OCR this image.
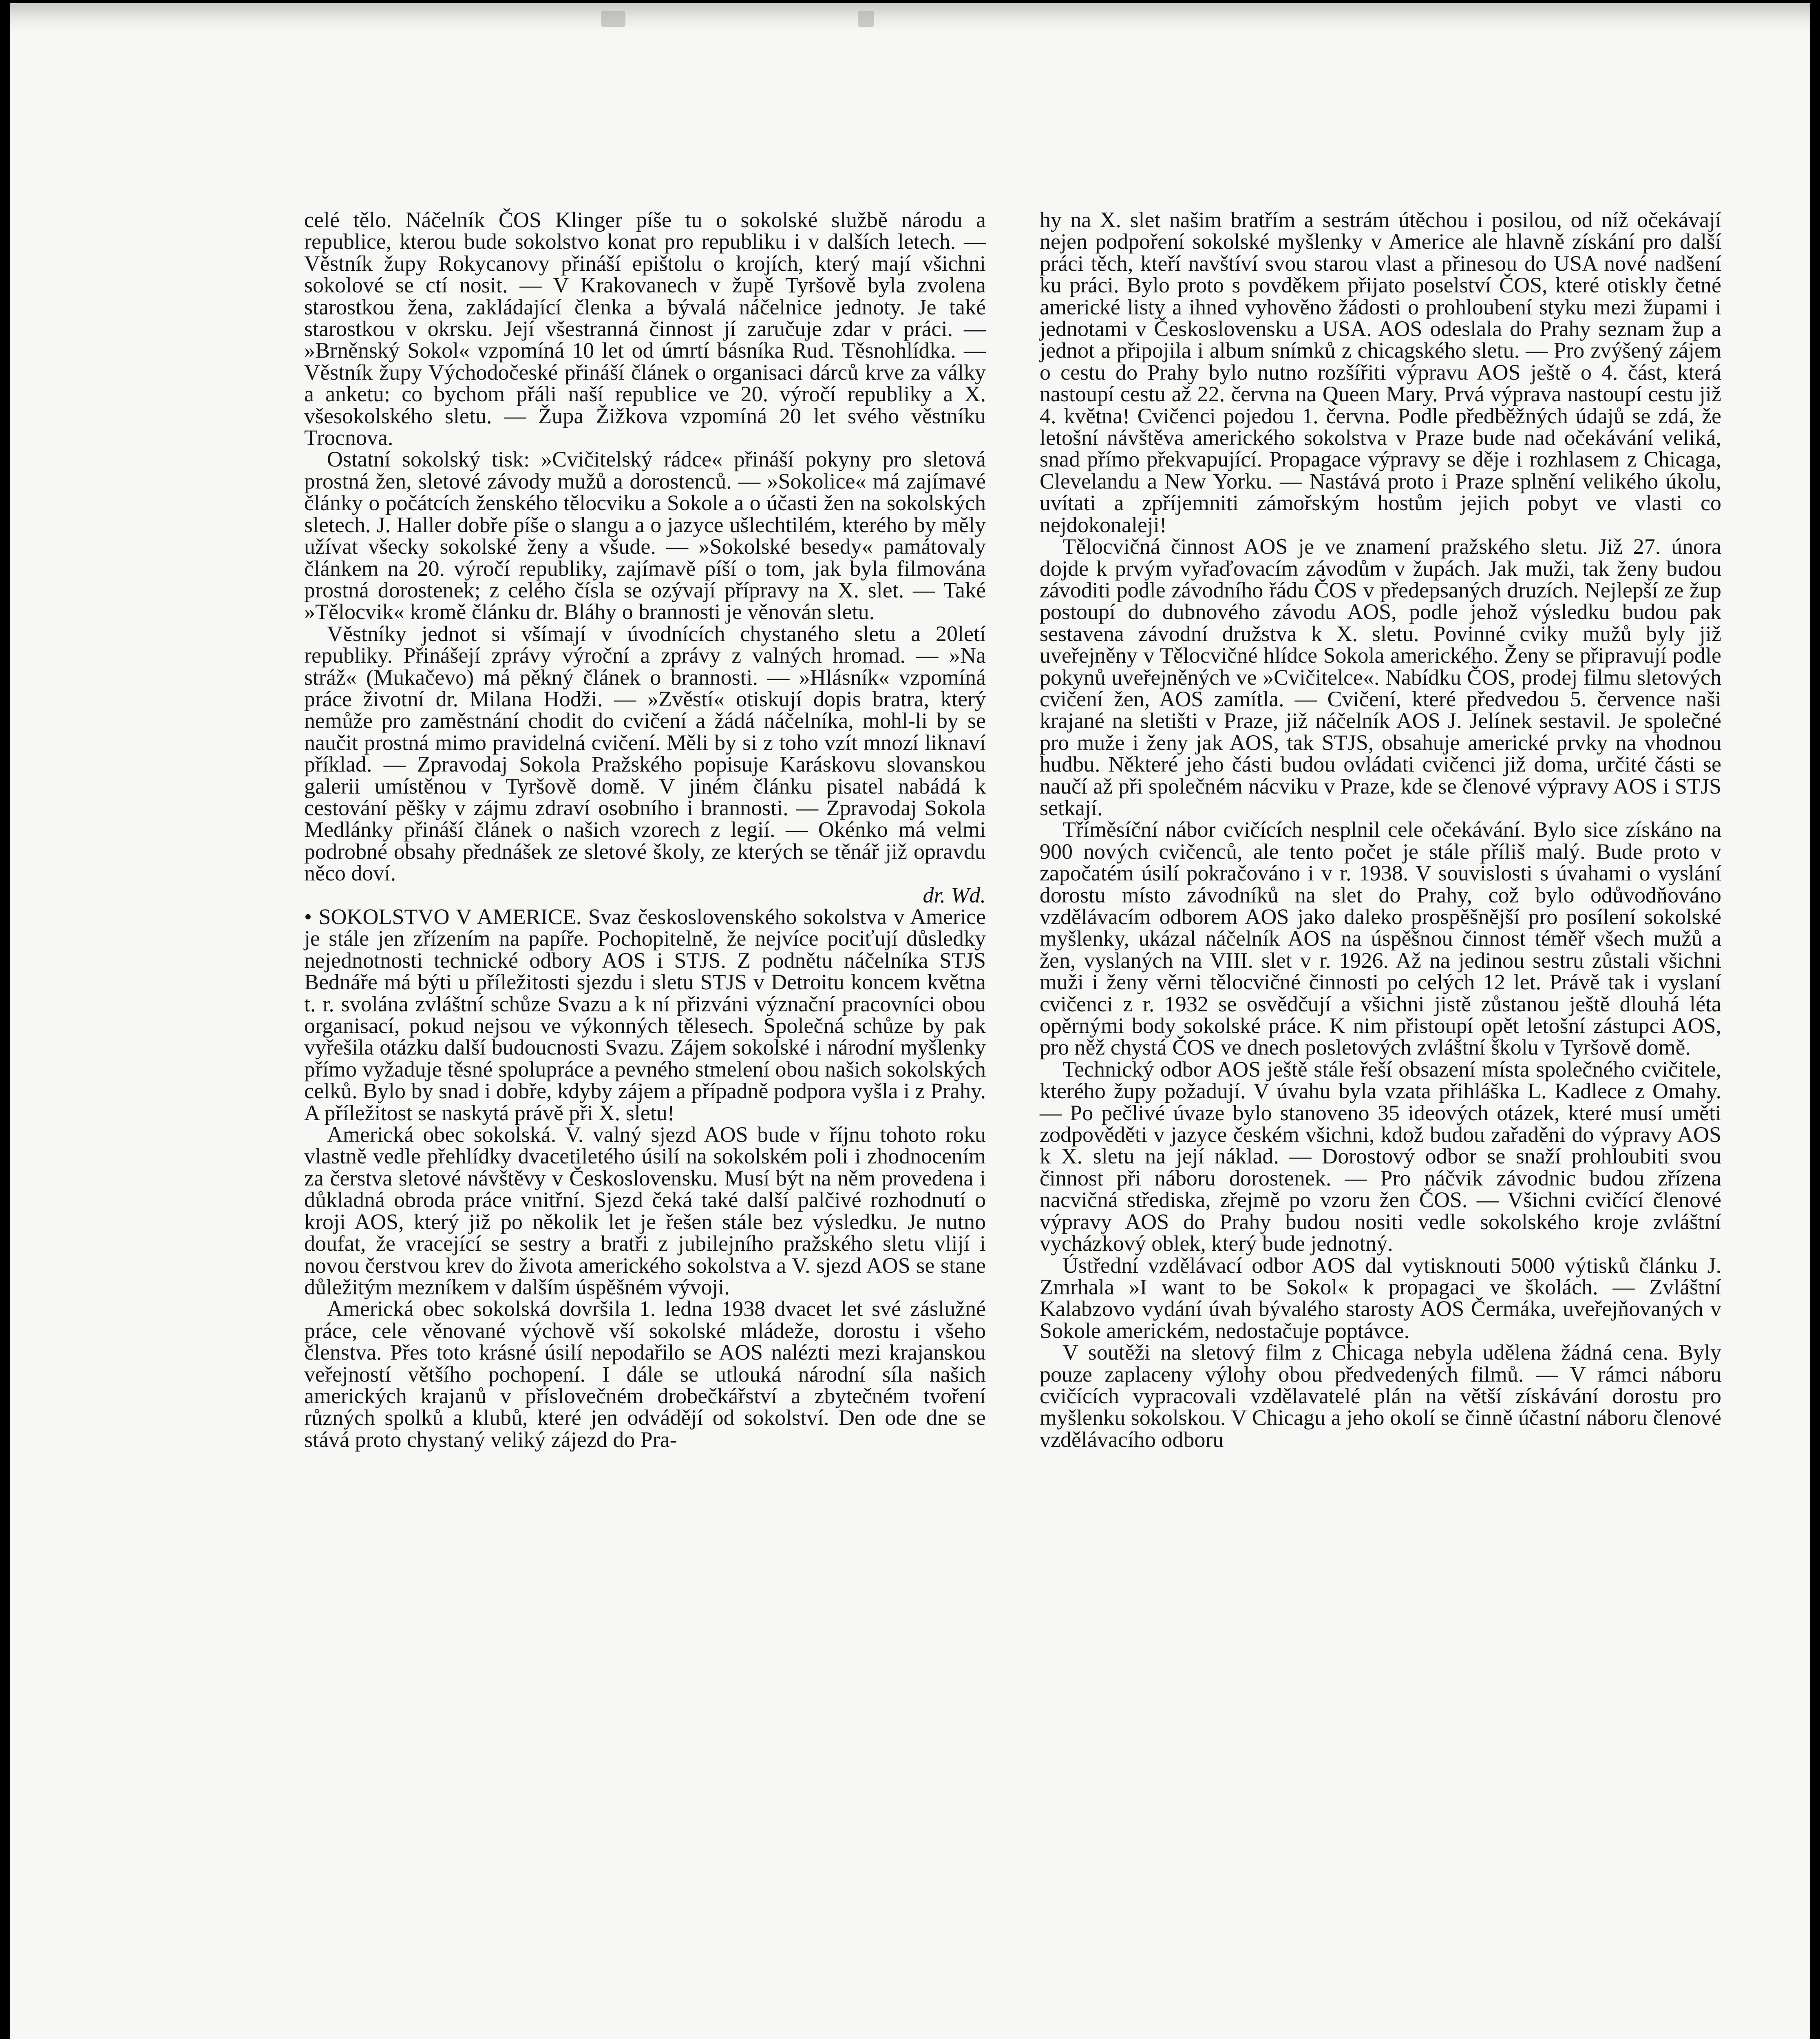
celé tělo. Náčelník ČOS Klinger píše tu o sokolské službě národu a republice, kterou bude sokolstvo konat pro republiku i v dalších letech. — Věstník župy Rokycanovy přináší epištolu o krojích, který mají všichni sokolové se ctí nosit. — V Krakovanech v župě Tyršově byla zvolena starostkou žena, zakládající členka a bývalá náčelnice jednoty. Je také starostkou v okrsku. Její všestranná činnost jí zaručuje zdar v práci. — »Brněnský Sokol« vzpomíná 10 let od úmrtí básníka Rud. Těsnohlídka. — Věstník župy Východočeské přináší článek o organisaci dárců krve za války a anketu: co bychom přáli naší republice ve 20. výročí republiky a X. všesokolského sletu. — Župa Žižkova vzpomíná 20 let svého věstníku Trocnova.

Ostatní sokolský tisk: »Cvičitelský rádce« přináší pokyny pro sletová prostná žen, sletové závody mužů a dorostenců. — »Sokolice« má zajímavé články o počátcích ženského tělocviku a Sokole a o účasti žen na sokolských sletech. J. Haller dobře píše o slangu a o jazyce ušlechtilém, kterého by měly užívat všecky sokolské ženy a všude. — »Sokolské besedy« památovaly článkem na 20. výročí republiky, zajímavě píší o tom, jak byla filmována prostná dorostenek; z celého čísla se ozývají přípravy na X. slet. — Také »Tělocvik« kromě článku dr. Bláhy o brannosti je věnován sletu.

Věstníky jednot si všímají v úvodnících chystaného sletu a 20letí republiky. Přinášejí zprávy výroční a zprávy z valných hromad. — »Na stráž« (Mukačevo) má pěkný článek o brannosti. — »Hlásník« vzpomíná práce životní dr. Milana Hodži. — »Zvěstí« otiskují dopis bratra, který nemůže pro zaměstnání chodit do cvičení a žádá náčelníka, mohl-li by se naučit prostná mimo pravidelná cvičení. Měli by si z toho vzít mnozí liknaví příklad. — Zpravodaj Sokola Pražského popisuje Karáskovu slovanskou galerii umístěnou v Tyršově domě. V jiném článku pisatel nabádá k cestování pěšky v zájmu zdraví osobního i brannosti. — Zpravodaj Sokola Medlánky přináší článek o našich vzorech z legií. — Okénko má velmi podrobné obsahy přednášek ze sletové školy, ze kterých se těnář již opravdu něco doví.

dr. Wd.

• SOKOLSTVO V AMERICE. Svaz československého sokolstva v Americe je stále jen zřízením na papíře. Pochopitelně, že nejvíce pociťují důsledky nejednotnosti technické odbory AOS i STJS. Z podnětu náčelníka STJS Bednáře má býti u příležitosti sjezdu i sletu STJS v Detroitu koncem května t. r. svolána zvláštní schůze Svazu a k ní přizváni význační pracovníci obou organisací, pokud nejsou ve výkonných tělesech. Společná schůze by pak vyřešila otázku další budoucnosti Svazu. Zájem sokolské i národní myšlenky přímo vyžaduje těsné spolupráce a pevného stmelení obou našich sokolských celků. Bylo by snad i dobře, kdyby zájem a případně podpora vyšla i z Prahy. A příležitost se naskytá právě při X. sletu!

Americká obec sokolská. V. valný sjezd AOS bude v říjnu tohoto roku vlastně vedle přehlídky dvacetiletého úsilí na sokolském poli i zhodnocením za čerstva sletové návštěvy v Československu. Musí být na něm provedena i důkladná obroda práce vnitřní. Sjezd čeká také další palčivé rozhodnutí o kroji AOS, který již po několik let je řešen stále bez výsledku. Je nutno doufat, že vracející se sestry a bratři z jubilejního pražského sletu vlijí i novou čerstvou krev do života amerického sokolstva a V. sjezd AOS se stane důležitým mezníkem v dalším úspěšném vývoji.

Americká obec sokolská dovršila 1. ledna 1938 dvacet let své záslužné práce, cele věnované výchově vší sokolské mládeže, dorostu i všeho členstva. Přes toto krásné úsilí nepodařilo se AOS nalézti mezi krajanskou veřejností většího pochopení. I dále se utlouká národní síla našich amerických krajanů v příslovečném drobečkářství a zbytečném tvoření různých spolků a klubů, které jen odvádějí od sokolství. Den ode dne se stává proto chystaný veliký zájezd do Pra-

hy na X. slet našim bratřím a sestrám útěchou i posilou, od níž očekávají nejen podpoření sokolské myšlenky v Americe ale hlavně získání pro další práci těch, kteří navštíví svou starou vlast a přinesou do USA nové nadšení ku práci. Bylo proto s povděkem přijato poselství ČOS, které otiskly četné americké listy a ihned vyhověno žádosti o prohloubení styku mezi župami i jednotami v Československu a USA. AOS odeslala do Prahy seznam žup a jednot a připojila i album snímků z chicagského sletu. — Pro zvýšený zájem o cestu do Prahy bylo nutno rozšířiti výpravu AOS ještě o 4. část, která nastoupí cestu až 22. června na Queen Mary. Prvá výprava nastoupí cestu již 4. května! Cvičenci pojedou 1. června. Podle předběžných údajů se zdá, že letošní návštěva amerického sokolstva v Praze bude nad očekávání veliká, snad přímo překvapující. Propagace výpravy se děje i rozhlasem z Chicaga, Clevelandu a New Yorku. — Nastává proto i Praze splnění velikého úkolu, uvítati a zpříjemniti zámořským hostům jejich pobyt ve vlasti co nejdokonaleji!

Tělocvičná činnost AOS je ve znamení pražského sletu. Již 27. února dojde k prvým vyřaďovacím závodům v župách. Jak muži, tak ženy budou závoditi podle závodního řádu ČOS v předepsaných druzích. Nejlepší ze žup postoupí do dubnového závodu AOS, podle jehož výsledku budou pak sestavena závodní družstva k X. sletu. Povinné cviky mužů byly již uveřejněny v Tělocvičné hlídce Sokola amerického. Ženy se připravují podle pokynů uveřejněných ve »Cvičitelce«. Nabídku ČOS, prodej filmu sletových cvičení žen, AOS zamítla. — Cvičení, které předvedou 5. července naši krajané na sletišti v Praze, již náčelník AOS J. Jelínek sestavil. Je společné pro muže i ženy jak AOS, tak STJS, obsahuje americké prvky na vhodnou hudbu. Některé jeho části budou ovládati cvičenci již doma, určité části se naučí až při společném nácviku v Praze, kde se členové výpravy AOS i STJS setkají.

Tříměsíční nábor cvičících nesplnil cele očekávání. Bylo sice získáno na 900 nových cvičenců, ale tento počet je stále příliš malý. Bude proto v započatém úsilí pokračováno i v r. 1938. V souvislosti s úvahami o vyslání dorostu místo závodníků na slet do Prahy, což bylo odůvodňováno vzdělávacím odborem AOS jako daleko prospěšnější pro posílení sokolské myšlenky, ukázal náčelník AOS na úspěšnou činnost téměř všech mužů a žen, vyslaných na VIII. slet v r. 1926. Až na jedinou sestru zůstali všichni muži i ženy věrni tělocvičné činnosti po celých 12 let. Právě tak i vyslaní cvičenci z r. 1932 se osvědčují a všichni jistě zůstanou ještě dlouhá léta opěrnými body sokolské práce. K nim přistoupí opět letošní zástupci AOS, pro něž chystá ČOS ve dnech posletových zvláštní školu v Tyršově domě.

Technický odbor AOS ještě stále řeší obsazení místa společného cvičitele, kterého župy požadují. V úvahu byla vzata přihláška L. Kadlece z Omahy. — Po pečlivé úvaze bylo stanoveno 35 ideových otázek, které musí uměti zodpověděti v jazyce českém všichni, kdož budou zařaděni do výpravy AOS k X. sletu na její náklad. — Dorostový odbor se snaží prohloubiti svou činnost při náboru dorostenek. — Pro náčvik závodnic budou zřízena nacvičná střediska, zřejmě po vzoru žen ČOS. — Všichni cvičící členové výpravy AOS do Prahy budou nositi vedle sokolského kroje zvláštní vycházkový oblek, který bude jednotný.

Ústřední vzdělávací odbor AOS dal vytisknouti 5000 výtisků článku J. Zmrhala »I want to be Sokol« k propagaci ve školách. — Zvláštní Kalabzovo vydání úvah bývalého starosty AOS Čermáka, uveřejňovaných v Sokole americkém, nedostačuje poptávce.

V soutěži na sletový film z Chicaga nebyla udělena žádná cena. Byly pouze zaplaceny výlohy obou předvedených filmů. — V rámci náboru cvičících vypracovali vzdělavatelé plán na větší získávání dorostu pro myšlenku sokolskou. V Chicagu a jeho okolí se činně účastní náboru členové vzdělávacího odboru
